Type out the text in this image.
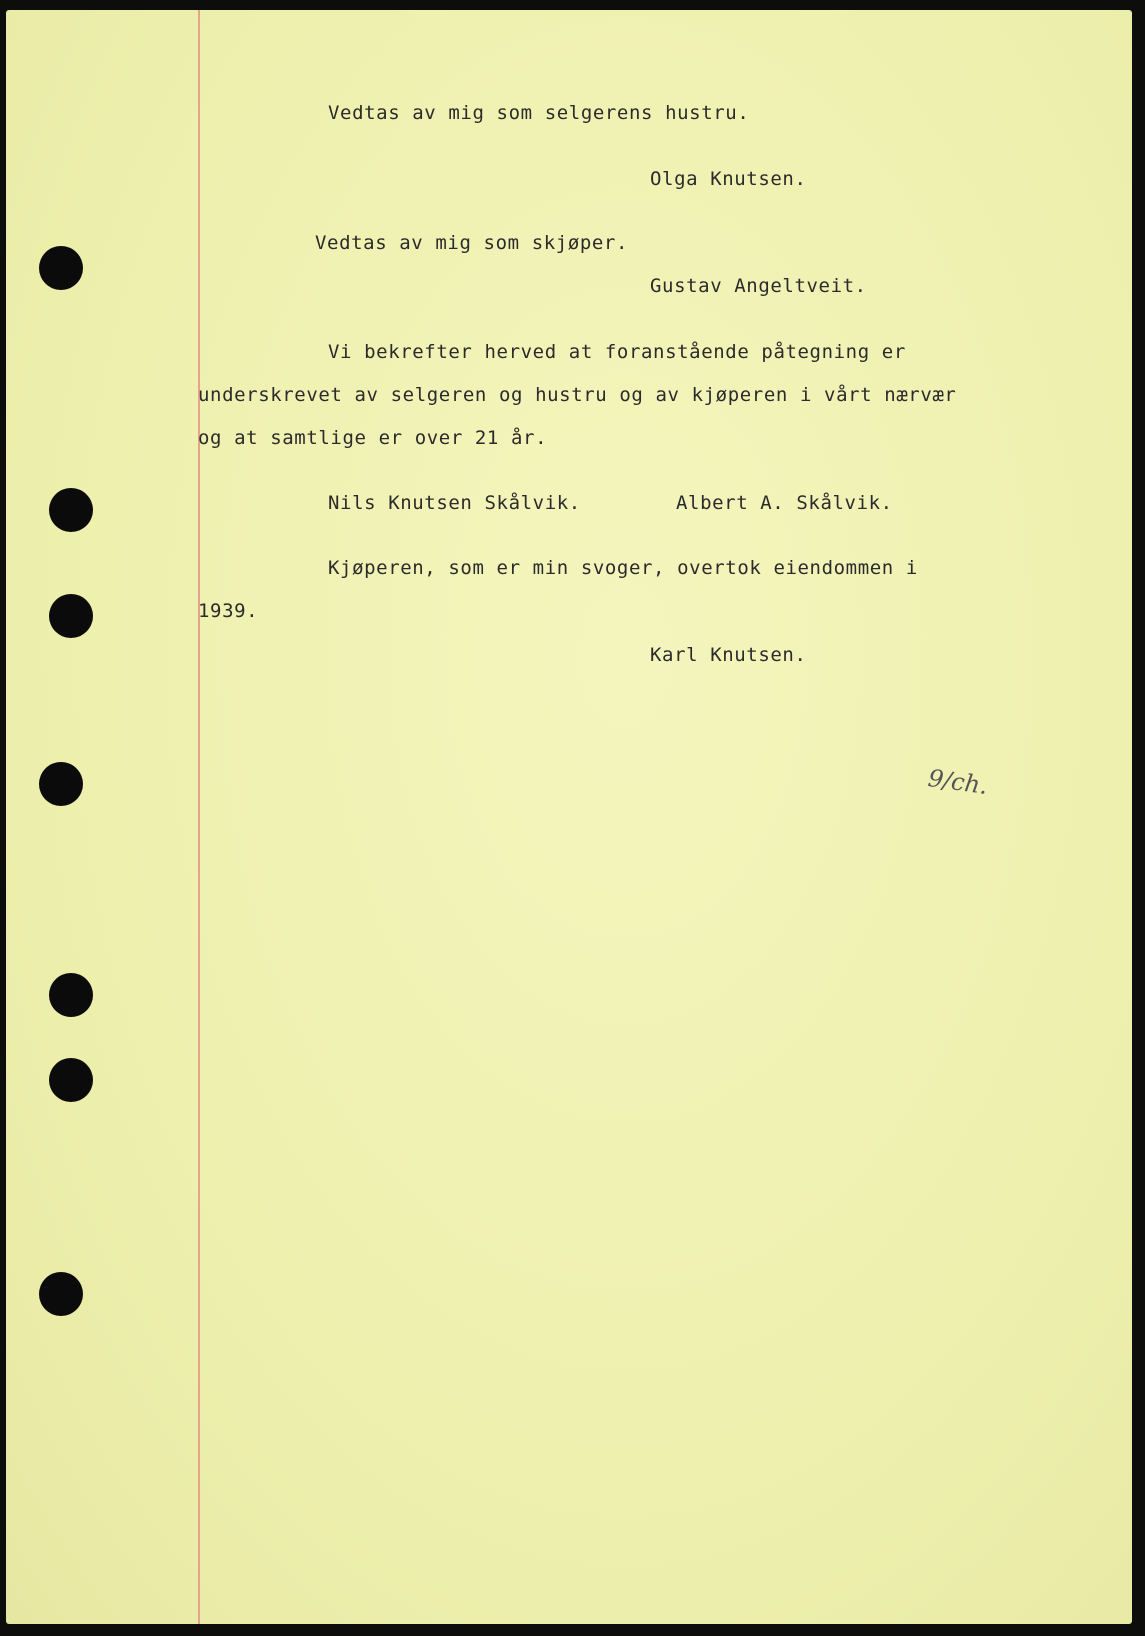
Vedtas av mig som selgerens hustru.
Olga Knutsen.
Vedtas av mig som skjøper.
Gustav Angeltveit.
Vi bekrefter herved at foranstående påtegning er
underskrevet av selgeren og hustru og av kjøperen i vårt nærvær
og at samtlige er over 21 år.
Nils Knutsen Skålvik.	Albert A. Skålvik.
Kjøperen, som er min svoger, overtok eiendommen i
1939.
Karl Knutsen.
9/ch.
